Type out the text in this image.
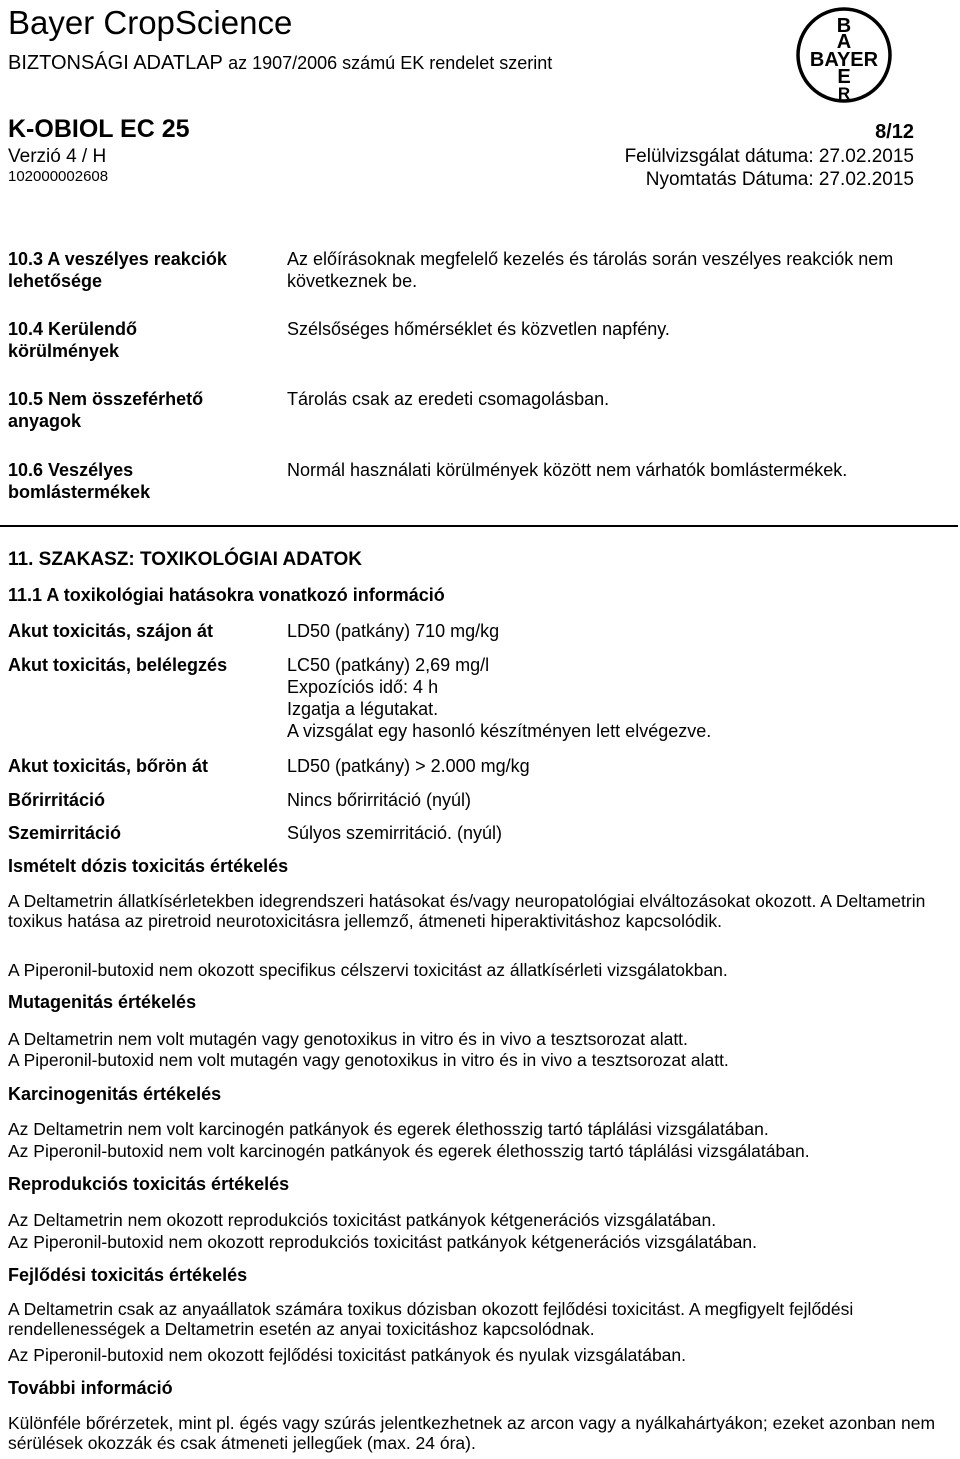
Bayer CropScience
BIZTONSÁGI ADATLAP az 1907/2006 számú EK rendelet szerint
B
A
BAYER
E
R
K-OBIOL EC 25	8/12
Verzió 4 / H	Felülvizsgálat dátuma: 27.02.2015
102000002608	Nyomtatás Dátuma: 27.02.2015
10.3 A veszélyes reakciók lehetősége
Az előírásoknak megfelelő kezelés és tárolás során veszélyes reakciók nem következnek be.
10.4 Kerülendő körülmények
Szélsőséges hőmérséklet és közvetlen napfény.
10.5 Nem összeférhető anyagok
Tárolás csak az eredeti csomagolásban.
10.6 Veszélyes bomlástermékek
Normál használati körülmények között nem várhatók bomlástermékek.
11. SZAKASZ: TOXIKOLÓGIAI ADATOK
11.1 A toxikológiai hatásokra vonatkozó információ
Akut toxicitás, szájon át	LD50 (patkány) 710 mg/kg
Akut toxicitás, belélegzés	LC50 (patkány) 2,69 mg/l
Expozíciós idő: 4 h
Izgatja a légutakat.
A vizsgálat egy hasonló készítményen lett elvégezve.
Akut toxicitás, bőrön át	LD50 (patkány) > 2.000 mg/kg
Bőrirritáció	Nincs bőrirritáció (nyúl)
Szemirritáció	Súlyos szemirritáció. (nyúl)
Ismételt dózis toxicitás értékelés
A Deltametrin állatkísérletekben idegrendszeri hatásokat és/vagy neuropatológiai elváltozásokat okozott. A Deltametrin toxikus hatása az piretroid neurotoxicitásra jellemző, átmeneti hiperaktivitáshoz kapcsolódik.
A Piperonil-butoxid nem okozott specifikus célszervi toxicitást az állatkísérleti vizsgálatokban.
Mutagenitás értékelés
A Deltametrin nem volt mutagén vagy genotoxikus in vitro és in vivo a tesztsorozat alatt.
A Piperonil-butoxid nem volt mutagén vagy genotoxikus in vitro és in vivo a tesztsorozat alatt.
Karcinogenitás értékelés
Az Deltametrin nem volt karcinogén patkányok és egerek élethosszig tartó táplálási vizsgálatában.
Az Piperonil-butoxid nem volt karcinogén patkányok és egerek élethosszig tartó táplálási vizsgálatában.
Reprodukciós toxicitás értékelés
Az Deltametrin nem okozott reprodukciós toxicitást patkányok kétgenerációs vizsgálatában.
Az Piperonil-butoxid nem okozott reprodukciós toxicitást patkányok kétgenerációs vizsgálatában.
Fejlődési toxicitás értékelés
A Deltametrin csak az anyaállatok számára toxikus dózisban okozott fejlődési toxicitást. A megfigyelt fejlődési rendellenességek a Deltametrin esetén az anyai toxicitáshoz kapcsolódnak.
Az Piperonil-butoxid nem okozott fejlődési toxicitást patkányok és nyulak vizsgálatában.
További információ
Különféle bőrérzetek, mint pl. égés vagy szúrás jelentkezhetnek az arcon vagy a nyálkahártyákon; ezeket azonban nem sérülések okozzák és csak átmeneti jellegűek (max. 24 óra).
